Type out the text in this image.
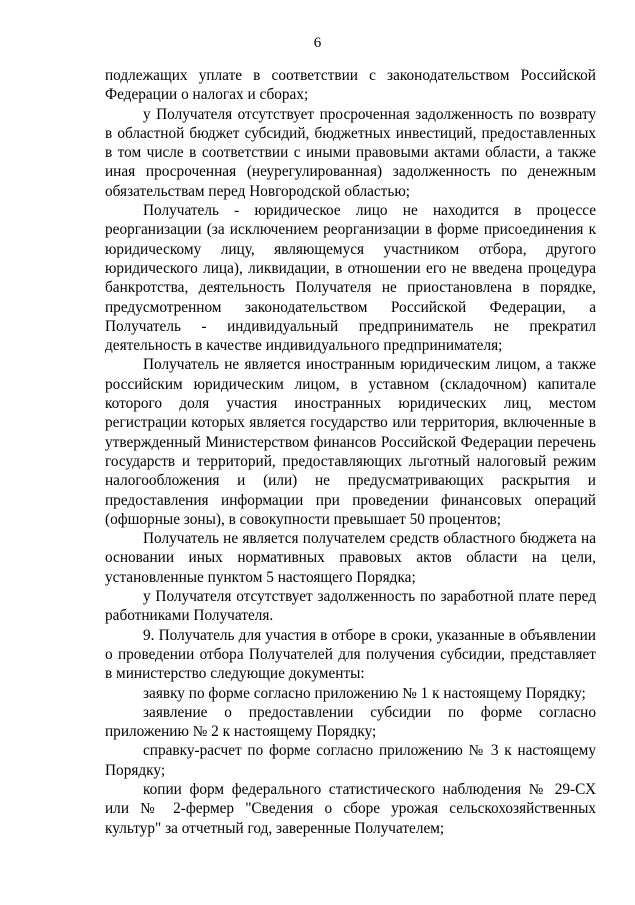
6

подлежащих уплате в соответствии с законодательством Российской Федерации о налогах и сборах;

у Получателя отсутствует просроченная задолженность по возврату в областной бюджет субсидий, бюджетных инвестиций, предоставленных в том числе в соответствии с иными правовыми актами области, а также иная просроченная (неурегулированная) задолженность по денежным обязательствам перед Новгородской областью;

Получатель - юридическое лицо не находится в процессе реорганизации (за исключением реорганизации в форме присоединения к юридическому лицу, являющемуся участником отбора, другого юридического лица), ликвидации, в отношении его не введена процедура банкротства, деятельность Получателя не приостановлена в порядке, предусмотренном законодательством Российской Федерации, а Получатель - индивидуальный предприниматель не прекратил деятельность в качестве индивидуального предпринимателя;

Получатель не является иностранным юридическим лицом, а также российским юридическим лицом, в уставном (складочном) капитале которого доля участия иностранных юридических лиц, местом регистрации которых является государство или территория, включенные в утвержденный Министерством финансов Российской Федерации перечень государств и территорий, предоставляющих льготный налоговый режим налогообложения и (или) не предусматривающих раскрытия и предоставления информации при проведении финансовых операций (офшорные зоны), в совокупности превышает 50 процентов;

Получатель не является получателем средств областного бюджета на основании иных нормативных правовых актов области на цели, установленные пунктом 5 настоящего Порядка;

у Получателя отсутствует задолженность по заработной плате перед работниками Получателя.

9. Получатель для участия в отборе в сроки, указанные в объявлении о проведении отбора Получателей для получения субсидии, представляет в министерство следующие документы:

заявку по форме согласно приложению № 1 к настоящему Порядку;

заявление о предоставлении субсидии по форме согласно приложению № 2 к настоящему Порядку;

справку-расчет по форме согласно приложению № 3 к настоящему Порядку;

копии форм федерального статистического наблюдения № 29-СХ или № 2-фермер "Сведения о сборе урожая сельскохозяйственных культур" за отчетный год, заверенные Получателем;
